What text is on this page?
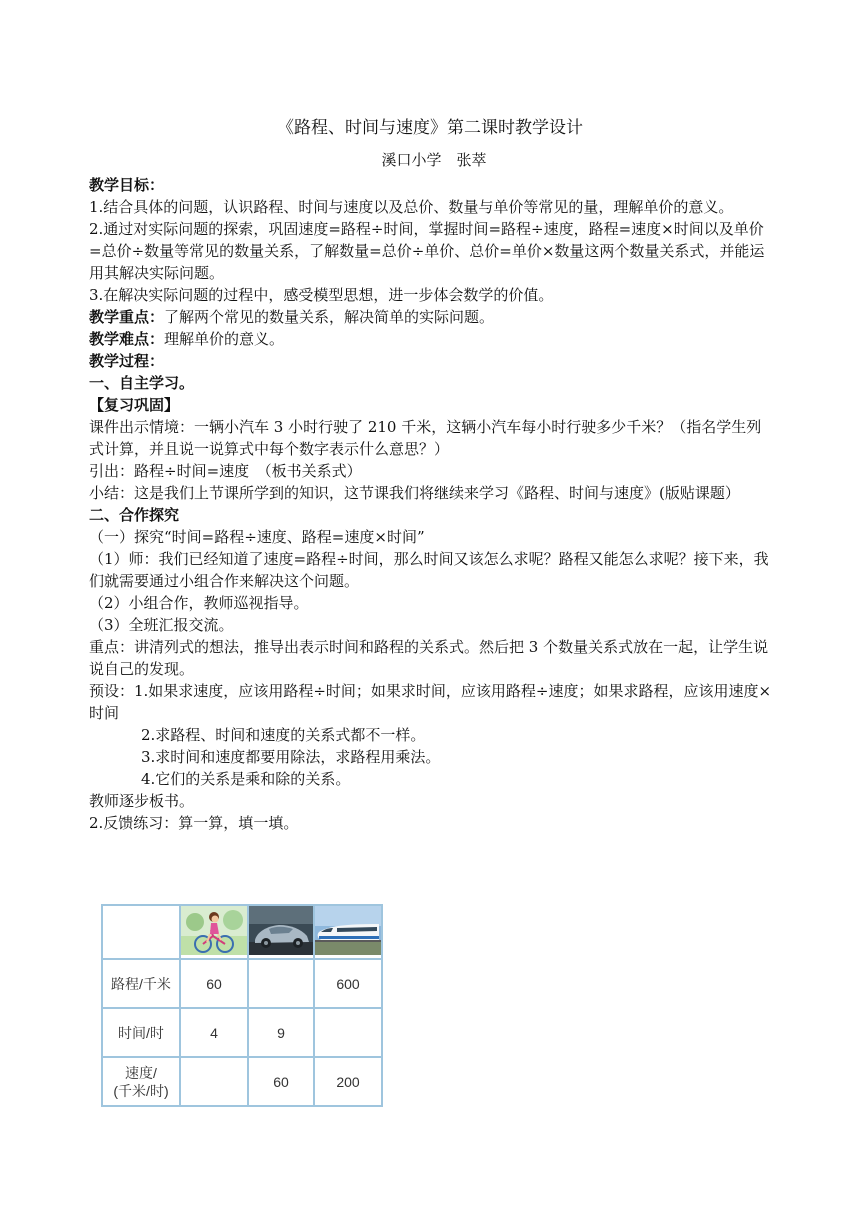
《路程、时间与速度》第二课时教学设计
溪口小学　张萃

教学目标：

1.结合具体的问题，认识路程、时间与速度以及总价、数量与单价等常见的量，理解单价的意义。

2.通过对实际问题的探索，巩固速度=路程÷时间，掌握时间=路程÷速度，路程=速度×时间以及单价=总价÷数量等常见的数量关系，了解数量=总价÷单价、总价=单价×数量这两个数量关系式，并能运用其解决实际问题。

3.在解决实际问题的过程中，感受模型思想，进一步体会数学的价值。

教学重点：了解两个常见的数量关系，解决简单的实际问题。

教学难点：理解单价的意义。

教学过程：

一、自主学习。

【复习巩固】

课件出示情境：一辆小汽车 3 小时行驶了 210 千米，这辆小汽车每小时行驶多少千米？（指名学生列式计算，并且说一说算式中每个数字表示什么意思？）

引出：路程÷时间=速度　（板书关系式）

小结：这是我们上节课所学到的知识，这节课我们将继续来学习《路程、时间与速度》(版贴课题）

二、合作探究

（一）探究“时间=路程÷速度、路程=速度×时间”

（1）师：我们已经知道了速度=路程÷时间，那么时间又该怎么求呢？路程又能怎么求呢？接下来，我们就需要通过小组合作来解决这个问题。

（2）小组合作，教师巡视指导。

（3）全班汇报交流。

重点：讲清列式的想法，推导出表示时间和路程的关系式。然后把 3 个数量关系式放在一起，让学生说说自己的发现。

预设：1.如果求速度，应该用路程÷时间；如果求时间，应该用路程÷速度；如果求路程，应该用速度×时间

2.求路程、时间和速度的关系式都不一样。

3.求时间和速度都要用除法，求路程用乘法。

4.它们的关系是乘和除的关系。

教师逐步板书。

2.反馈练习：算一算，填一填。

路程/千米	60		600
时间/时	4	9	

速度/
(千米/时)		60	200
